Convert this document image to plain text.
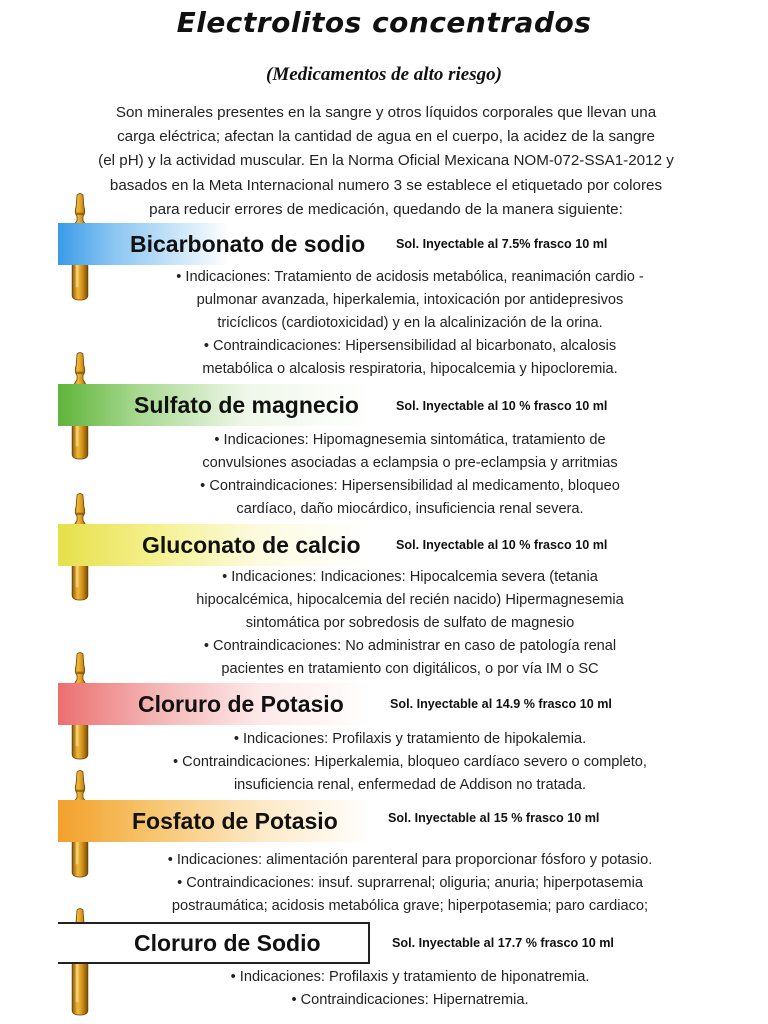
Electrolitos concentrados
(Medicamentos de alto riesgo)
Son minerales presentes en la sangre y otros líquidos corporales que llevan una
carga eléctrica; afectan la cantidad de agua en el cuerpo, la acidez de la sangre
(el pH) y la actividad muscular. En la Norma Oficial Mexicana NOM-072-SSA1-2012 y
basados en la Meta Internacional numero 3 se establece el etiquetado por colores
para reducir errores de medicación, quedando de la manera siguiente:
Bicarbonato de sodio Sol. Inyectable al 7.5% frasco 10 ml

• Indicaciones: Tratamiento de acidosis metabólica, reanimación cardio -

pulmonar avanzada, hiperkalemia, intoxicación por antidepresivos

tricíclicos (cardiotoxicidad) y en la alcalinización de la orina.

• Contraindicaciones: Hipersensibilidad al bicarbonato, alcalosis

metabólica o alcalosis respiratoria, hipocalcemia y hipocloremia.

Sulfato de magnecio	Sol. Inyectable al 10 % frasco 10 ml

• Indicaciones: Hipomagnesemia sintomática, tratamiento de

convulsiones asociadas a eclampsia o pre-eclampsia y arritmias

• Contraindicaciones: Hipersensibilidad al medicamento, bloqueo

cardíaco, daño miocárdico, insuficiencia renal severa.

Gluconato de calcio	Sol. Inyectable al 10 % frasco 10 ml

• Indicaciones: Indicaciones: Hipocalcemia severa (tetania

hipocalcémica, hipocalcemia del recién nacido) Hipermagnesemia

sintomática por sobredosis de sulfato de magnesio

• Contraindicaciones: No administrar en caso de patología renal

pacientes en tratamiento con digitálicos, o por vía IM o SC

Cloruro de Potasio	Sol. Inyectable al 14.9 % frasco 10 ml

• Indicaciones: Profilaxis y tratamiento de hipokalemia.

• Contraindicaciones: Hiperkalemia, bloqueo cardíaco severo o completo,

insuficiencia renal, enfermedad de Addison no tratada.

Fosfato de Potasio	Sol. Inyectable al 15 % frasco 10 ml

• Indicaciones: alimentación parenteral para proporcionar fósforo y potasio.

• Contraindicaciones: insuf. suprarrenal; oliguria; anuria; hiperpotasemia

postraumática; acidosis metabólica grave; hiperpotasemia; paro cardiaco;

Cloruro de Sodio	Sol. Inyectable al 17.7 % frasco 10 ml

• Indicaciones: Profilaxis y tratamiento de hiponatremia.

• Contraindicaciones: Hipernatremia.
